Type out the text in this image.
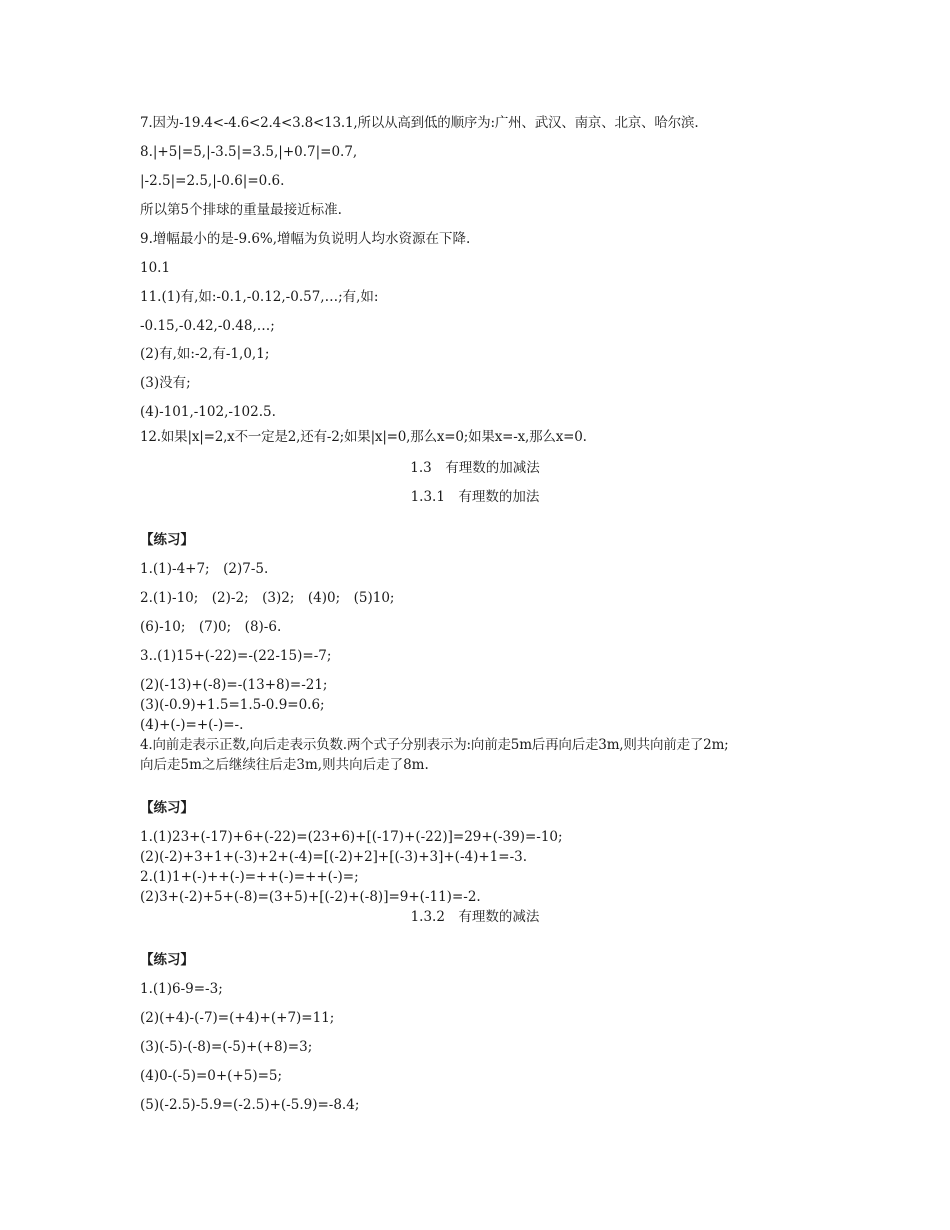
7.因为-19.4<-4.6<2.4<3.8<13.1,所以从高到低的顺序为:广州、武汉、南京、北京、哈尔滨.
8.|+5|=5,|-3.5|=3.5,|+0.7|=0.7,
|-2.5|=2.5,|-0.6|=0.6.
所以第5个排球的重量最接近标准.
9.增幅最小的是-9.6%,增幅为负说明人均水资源在下降.
10.1
11.(1)有,如:-0.1,-0.12,-0.57,…;有,如:
-0.15,-0.42,-0.48,…;
(2)有,如:-2,有-1,0,1;
(3)没有;
(4)-101,-102,-102.5.
12.如果|x|=2,x不一定是2,还有-2;如果|x|=0,那么x=0;如果x=-x,那么x=0.
1.3　有理数的加减法
1.3.1　有理数的加法
【练习】
1.(1)-4+7;　(2)7-5.
2.(1)-10;　(2)-2;　(3)2;　(4)0;　(5)10;
(6)-10;　(7)0;　(8)-6.
3..(1)15+(-22)=-(22-15)=-7;
(2)(-13)+(-8)=-(13+8)=-21;
(3)(-0.9)+1.5=1.5-0.9=0.6;
(4)+(-)=+(-)=-.
4.向前走表示正数,向后走表示负数.两个式子分别表示为:向前走5m后再向后走3m,则共向前走了2m;
向后走5m之后继续往后走3m,则共向后走了8m.
【练习】
1.(1)23+(-17)+6+(-22)=(23+6)+[(-17)+(-22)]=29+(-39)=-10;
(2)(-2)+3+1+(-3)+2+(-4)=[(-2)+2]+[(-3)+3]+(-4)+1=-3.
2.(1)1+(-)++(-)=++(-)=++(-)=;
(2)3+(-2)+5+(-8)=(3+5)+[(-2)+(-8)]=9+(-11)=-2.
1.3.2　有理数的减法
【练习】
1.(1)6-9=-3;
(2)(+4)-(-7)=(+4)+(+7)=11;
(3)(-5)-(-8)=(-5)+(+8)=3;
(4)0-(-5)=0+(+5)=5;
(5)(-2.5)-5.9=(-2.5)+(-5.9)=-8.4;
